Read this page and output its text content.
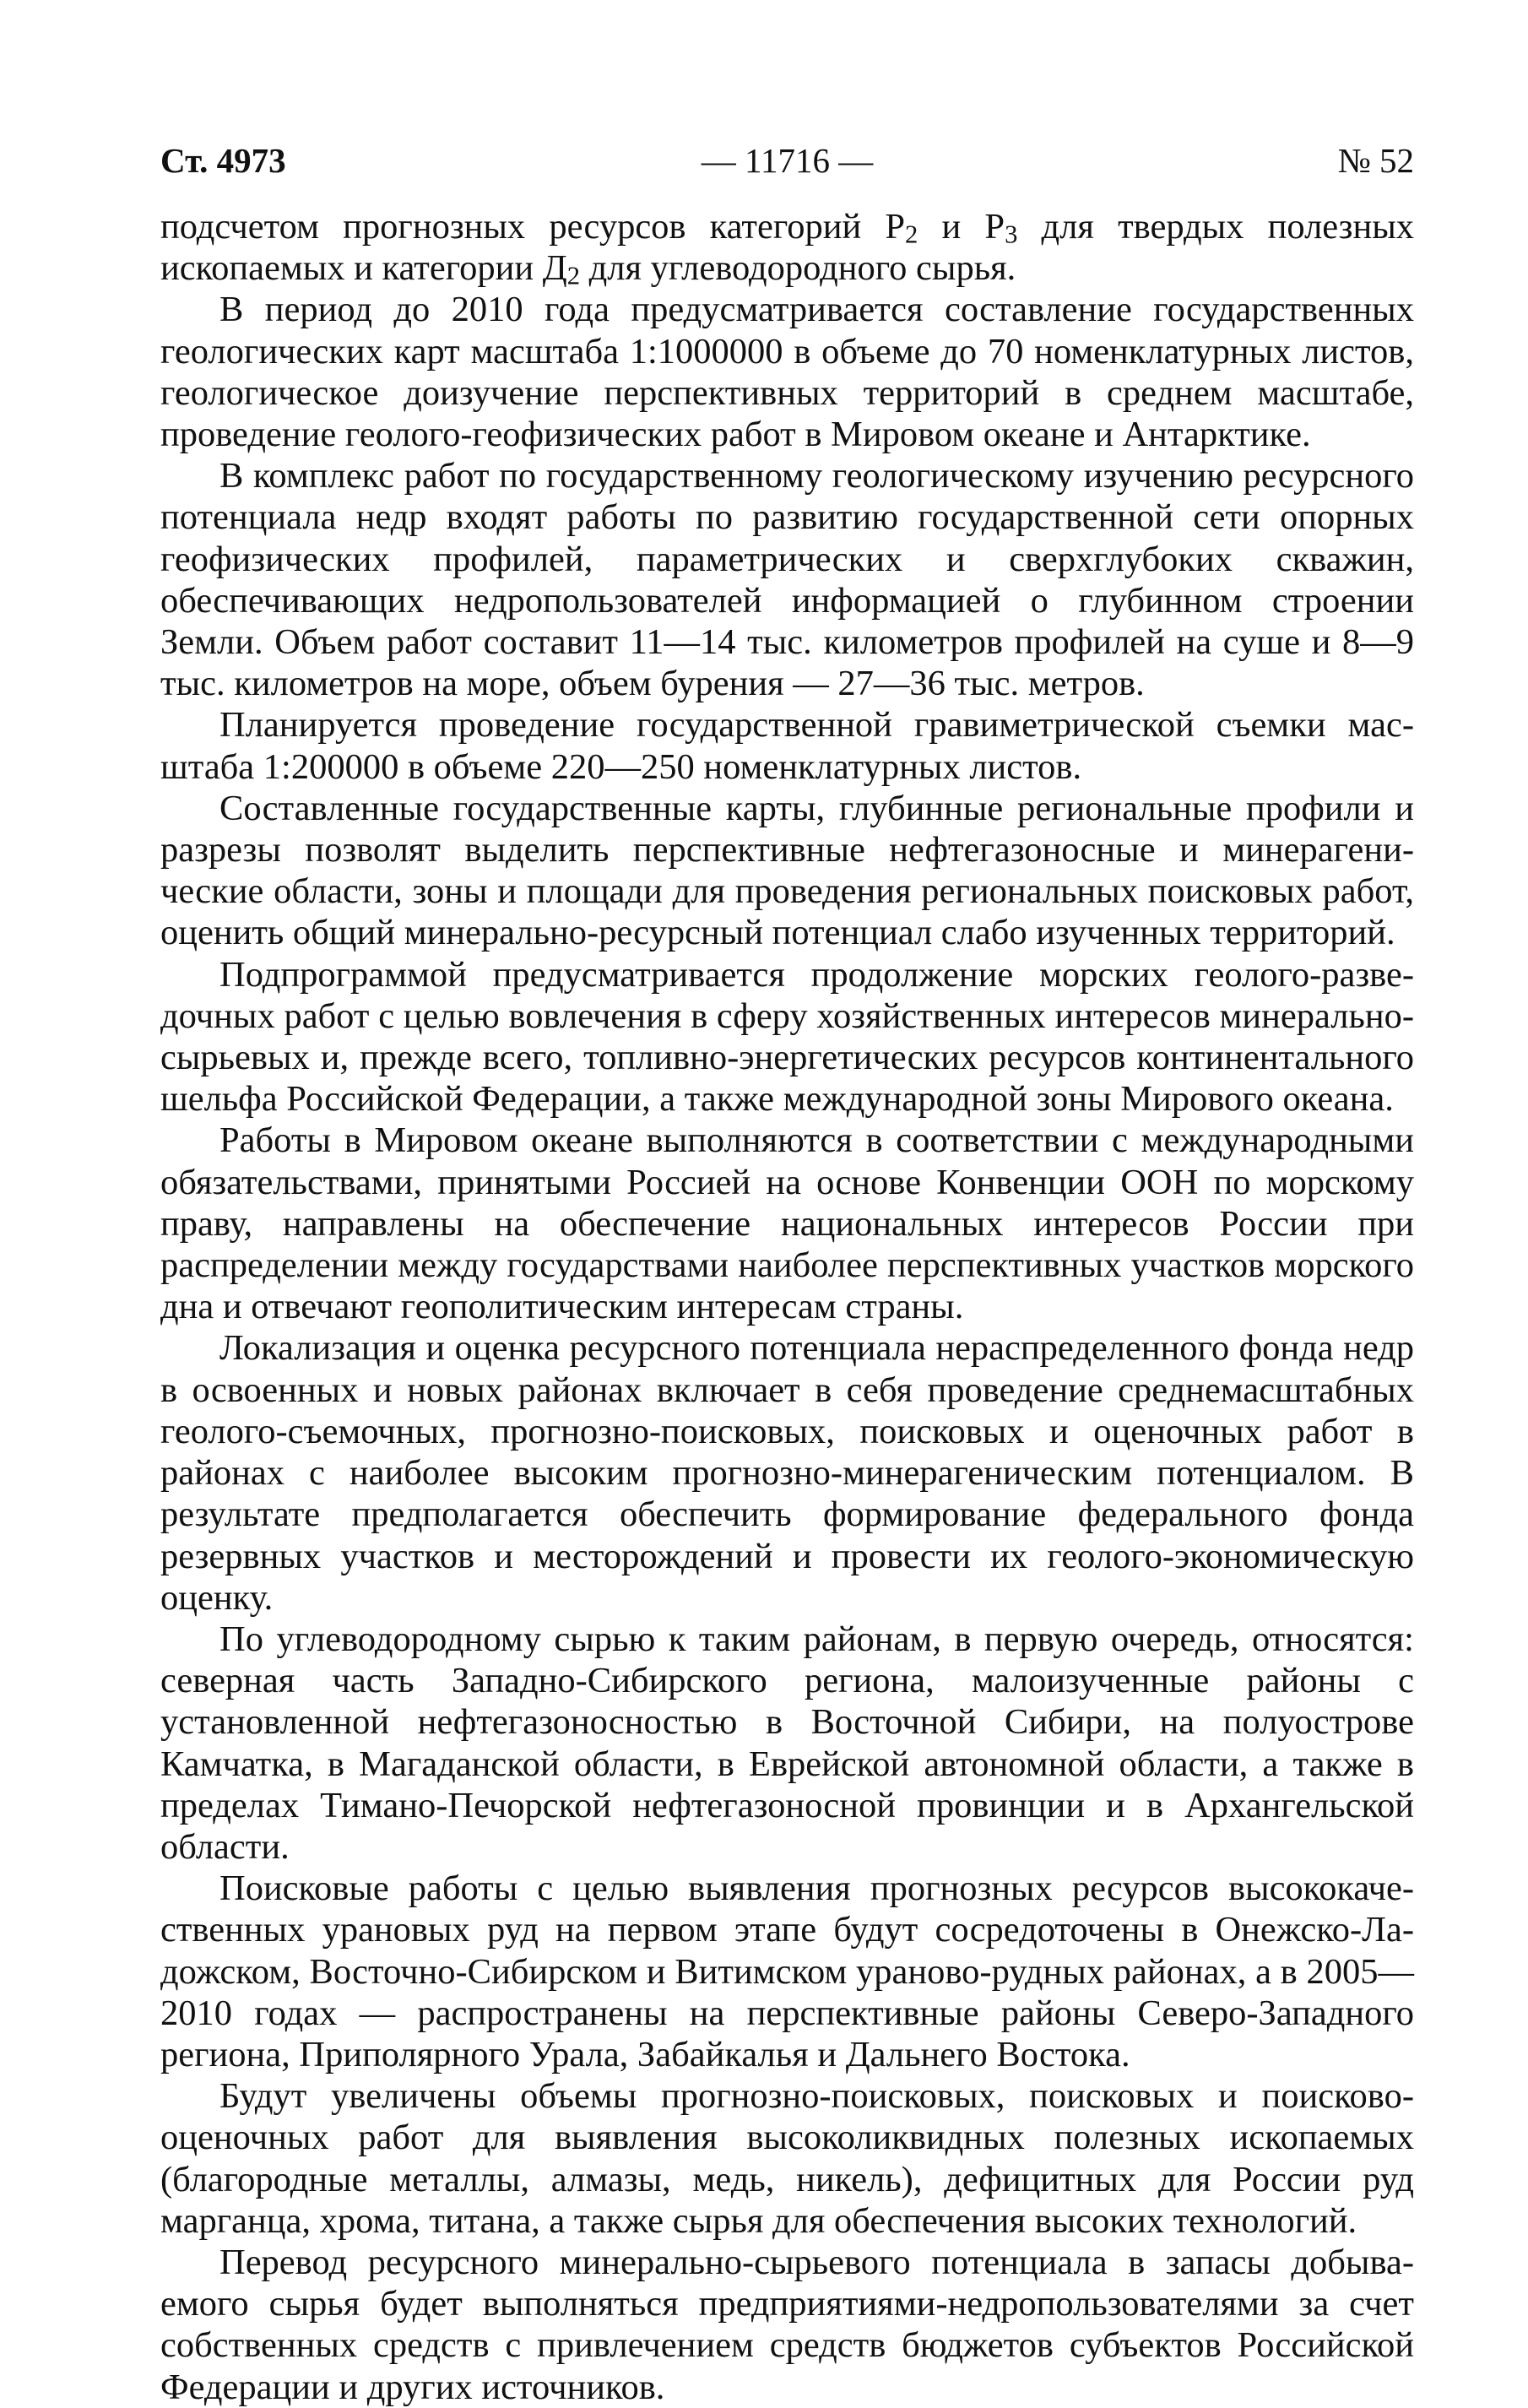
Ст. 4973	— 11716 —	№ 52

подсчетом прогнозных ресурсов категорий $Р_2$ и $Р_3$ для твердых полезных ископаемых и категории $Д_2$ для углеводородного сырья.

В период до 2010 года предусматривается составление государственных геологических карт масштаба 1:1000000 в объеме до 70 номенклатурных листов, геологическое доизучение перспективных территорий в среднем масштабе, проведение геолого-геофизических работ в Мировом океане и Антарктике.

В комплекс работ по государственному геологическому изучению ресурсного потенциала недр входят работы по развитию государственной сети опорных геофизических профилей, параметрических и сверхглубоких скважин, обеспечивающих недропользователей информацией о глубинном строении Земли. Объем работ составит 11—14 тыс. километров профилей на суше и 8—9 тыс. километров на море, объем бурения — 27—36 тыс. метров.

Планируется проведение государственной гравиметрической съемки масштаба 1:200000 в объеме 220—250 номенклатурных листов.

Составленные государственные карты, глубинные региональные профили и разрезы позволят выделить перспективные нефтегазоносные и минерагенические области, зоны и площади для проведения региональных поисковых работ, оценить общий минерально-ресурсный потенциал слабо изученных территорий.

Подпрограммой предусматривается продолжение морских геолого-разведочных работ с целью вовлечения в сферу хозяйственных интересов минерально-сырьевых и, прежде всего, топливно-энергетических ресурсов континентального шельфа Российской Федерации, а также международной зоны Мирового океана.

Работы в Мировом океане выполняются в соответствии с международными обязательствами, принятыми Россией на основе Конвенции ООН по морскому праву, направлены на обеспечение национальных интересов России при распределении между государствами наиболее перспективных участков морского дна и отвечают геополитическим интересам страны.

Локализация и оценка ресурсного потенциала нераспределенного фонда недр в освоенных и новых районах включает в себя проведение среднемасштабных геолого-съемочных, прогнозно-поисковых, поисковых и оценочных работ в районах с наиболее высоким прогнозно-минерагеническим потенциалом. В результате предполагается обеспечить формирование федерального фонда резервных участков и месторождений и провести их геолого-экономическую оценку.

По углеводородному сырью к таким районам, в первую очередь, относятся: северная часть Западно-Сибирского региона, малоизученные районы с установленной нефтегазоносностью в Восточной Сибири, на полуострове Камчатка, в Магаданской области, в Еврейской автономной области, а также в пределах Тимано-Печорской нефтегазоносной провинции и в Архангельской области.

Поисковые работы с целью выявления прогнозных ресурсов высококачественных урановых руд на первом этапе будут сосредоточены в Онежско-Ладожском, Восточно-Сибирском и Витимском ураново-рудных районах, а в 2005—2010 годах — распространены на перспективные районы Северо-Западного региона, Приполярного Урала, Забайкалья и Дальнего Востока.

Будут увеличены объемы прогнозно-поисковых, поисковых и поисковооценочных работ для выявления высоколиквидных полезных ископаемых (благородные металлы, алмазы, медь, никель), дефицитных для России руд марганца, хрома, титана, а также сырья для обеспечения высоких технологий.

Перевод ресурсного минерально-сырьевого потенциала в запасы добываемого сырья будет выполняться предприятиями-недропользователями за счет собственных средств с привлечением средств бюджетов субъектов Российской Федерации и других источников.
